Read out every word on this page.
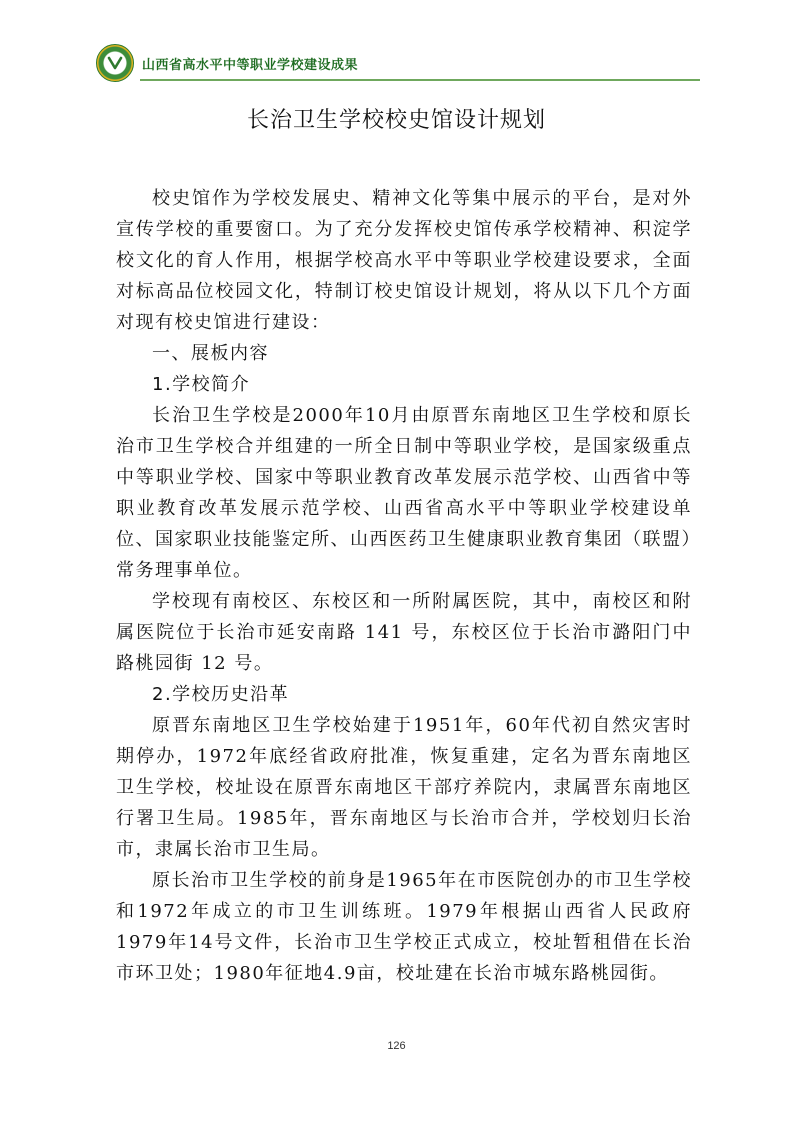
山西省高水平中等职业学校建设成果
长治卫生学校校史馆设计规划

校史馆作为学校发展史、精神文化等集中展示的平台，是对外宣传学校的重要窗口。为了充分发挥校史馆传承学校精神、积淀学校文化的育人作用，根据学校高水平中等职业学校建设要求，全面对标高品位校园文化，特制订校史馆设计规划，将从以下几个方面对现有校史馆进行建设：

一、展板内容
1.学校简介

长治卫生学校是2000年10月由原晋东南地区卫生学校和原长治市卫生学校合并组建的一所全日制中等职业学校，是国家级重点中等职业学校、国家中等职业教育改革发展示范学校、山西省中等职业教育改革发展示范学校、山西省高水平中等职业学校建设单位、国家职业技能鉴定所、山西医药卫生健康职业教育集团（联盟）常务理事单位。

学校现有南校区、东校区和一所附属医院，其中，南校区和附属医院位于长治市延安南路 141 号，东校区位于长治市潞阳门中路桃园街 12 号。

2.学校历史沿革

原晋东南地区卫生学校始建于1951年，60年代初自然灾害时期停办，1972年底经省政府批准，恢复重建，定名为晋东南地区卫生学校，校址设在原晋东南地区干部疗养院内，隶属晋东南地区行署卫生局。1985年，晋东南地区与长治市合并，学校划归长治市，隶属长治市卫生局。

原长治市卫生学校的前身是1965年在市医院创办的市卫生学校和1972年成立的市卫生训练班。1979年根据山西省人民政府1979年14号文件，长治市卫生学校正式成立，校址暂租借在长治市环卫处；1980年征地4.9亩，校址建在长治市城东路桃园街。

126
